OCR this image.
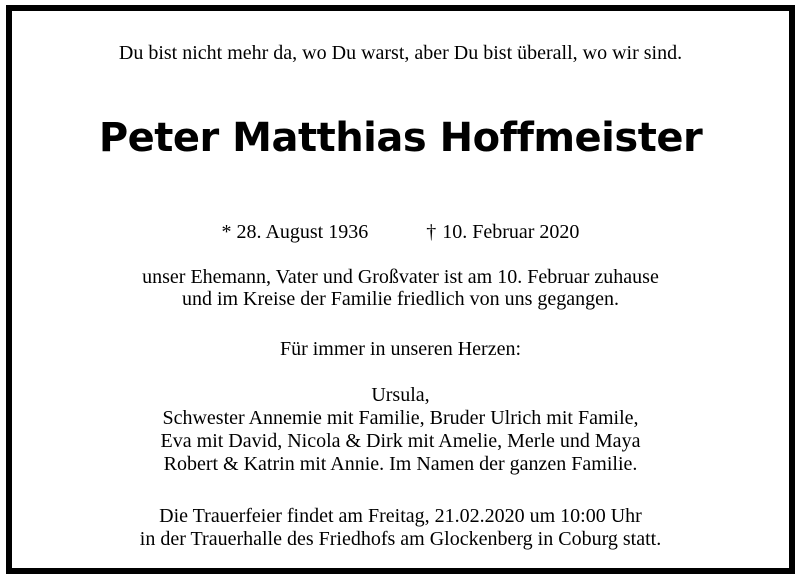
Du bist nicht mehr da, wo Du warst, aber Du bist überall, wo wir sind.
Peter Matthias Hoffmeister
* 28. August 1936	† 10. Februar 2020
unser Ehemann, Vater und Großvater ist am 10. Februar zuhause
und im Kreise der Familie friedlich von uns gegangen.
Für immer in unseren Herzen:
Ursula,
Schwester Annemie mit Familie, Bruder Ulrich mit Famile,
Eva mit David, Nicola & Dirk mit Amelie, Merle und Maya
Robert & Katrin mit Annie. Im Namen der ganzen Familie.
Die Trauerfeier findet am Freitag, 21.02.2020 um 10:00 Uhr
in der Trauerhalle des Friedhofs am Glockenberg in Coburg statt.
